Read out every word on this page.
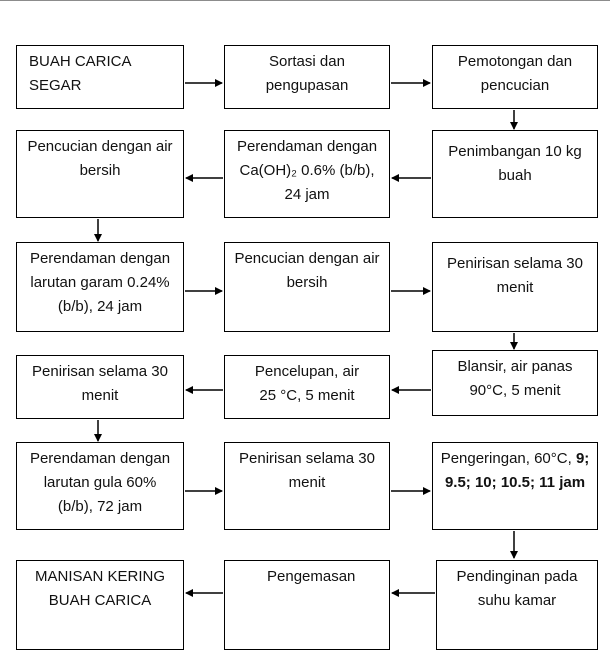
BUAH CARICA SEGAR
Sortasi dan
pengupasan
Pemotongan dan
pencucian
Pencucian dengan air
bersih
Perendaman dengan
Ca(OH)₂ 0.6% (b/b),
24 jam
Penimbangan 10 kg
buah
Perendaman dengan
larutan garam 0.24%
(b/b), 24 jam
Pencucian dengan air
bersih
Penirisan selama 30
menit
Penirisan selama 30
menit
Pencelupan, air
25 °C, 5 menit
Blansir, air panas
90°C, 5 menit
Perendaman dengan
larutan gula 60%
(b/b), 72 jam
Penirisan selama 30
menit
Pengeringan, 60°C, 9;
9.5; 10; 10.5; 11 jam
MANISAN KERING
BUAH CARICA
Pengemasan	Pendinginan pada
suhu kamar
